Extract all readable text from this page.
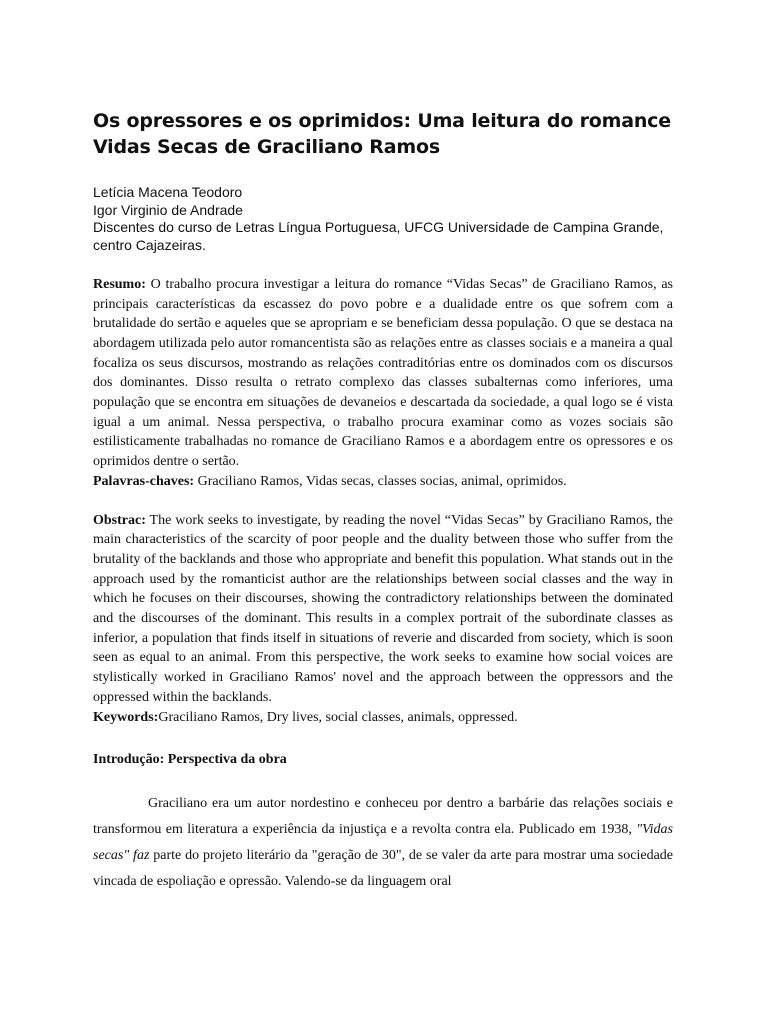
Os opressores e os oprimidos: Uma leitura do romance Vidas Secas de Graciliano Ramos
Letícia Macena Teodoro
Igor Virginio de Andrade
Discentes do curso de Letras Língua Portuguesa, UFCG Universidade de Campina Grande, centro Cajazeiras.

Resumo: O trabalho procura investigar a leitura do romance “Vidas Secas” de Graciliano Ramos, as principais características da escassez do povo pobre e a dualidade entre os que sofrem com a brutalidade do sertão e aqueles que se apropriam e se beneficiam dessa população. O que se destaca na abordagem utilizada pelo autor romancentista são as relações entre as classes sociais e a maneira a qual focaliza os seus discursos, mostrando as relações contraditórias entre os dominados com os discursos dos dominantes. Disso resulta o retrato complexo das classes subalternas como inferiores, uma população que se encontra em situações de devaneios e descartada da sociedade, a qual logo se é vista igual a um animal. Nessa perspectiva, o trabalho procura examinar como as vozes sociais são estilisticamente trabalhadas no romance de Graciliano Ramos e a abordagem entre os opressores e os oprimidos dentre o sertão.

Palavras-chaves: Graciliano Ramos, Vidas secas, classes socias, animal, oprimidos.

Obstrac: The work seeks to investigate, by reading the novel “Vidas Secas” by Graciliano Ramos, the main characteristics of the scarcity of poor people and the duality between those who suffer from the brutality of the backlands and those who appropriate and benefit this population. What stands out in the approach used by the romanticist author are the relationships between social classes and the way in which he focuses on their discourses, showing the contradictory relationships between the dominated and the discourses of the dominant. This results in a complex portrait of the subordinate classes as inferior, a population that finds itself in situations of reverie and discarded from society, which is soon seen as equal to an animal. From this perspective, the work seeks to examine how social voices are stylistically worked in Graciliano Ramos' novel and the approach between the oppressors and the oppressed within the backlands.

Keywords:Graciliano Ramos, Dry lives, social classes, animals, oppressed.
Introdução: Perspectiva da obra

Graciliano era um autor nordestino e conheceu por dentro a barbárie das relações sociais e transformou em literatura a experiência da injustiça e a revolta contra ela. Publicado em 1938, "Vidas secas" faz parte do projeto literário da "geração de 30", de se valer da arte para mostrar uma sociedade vincada de espoliação e opressão. Valendo-se da linguagem oral
